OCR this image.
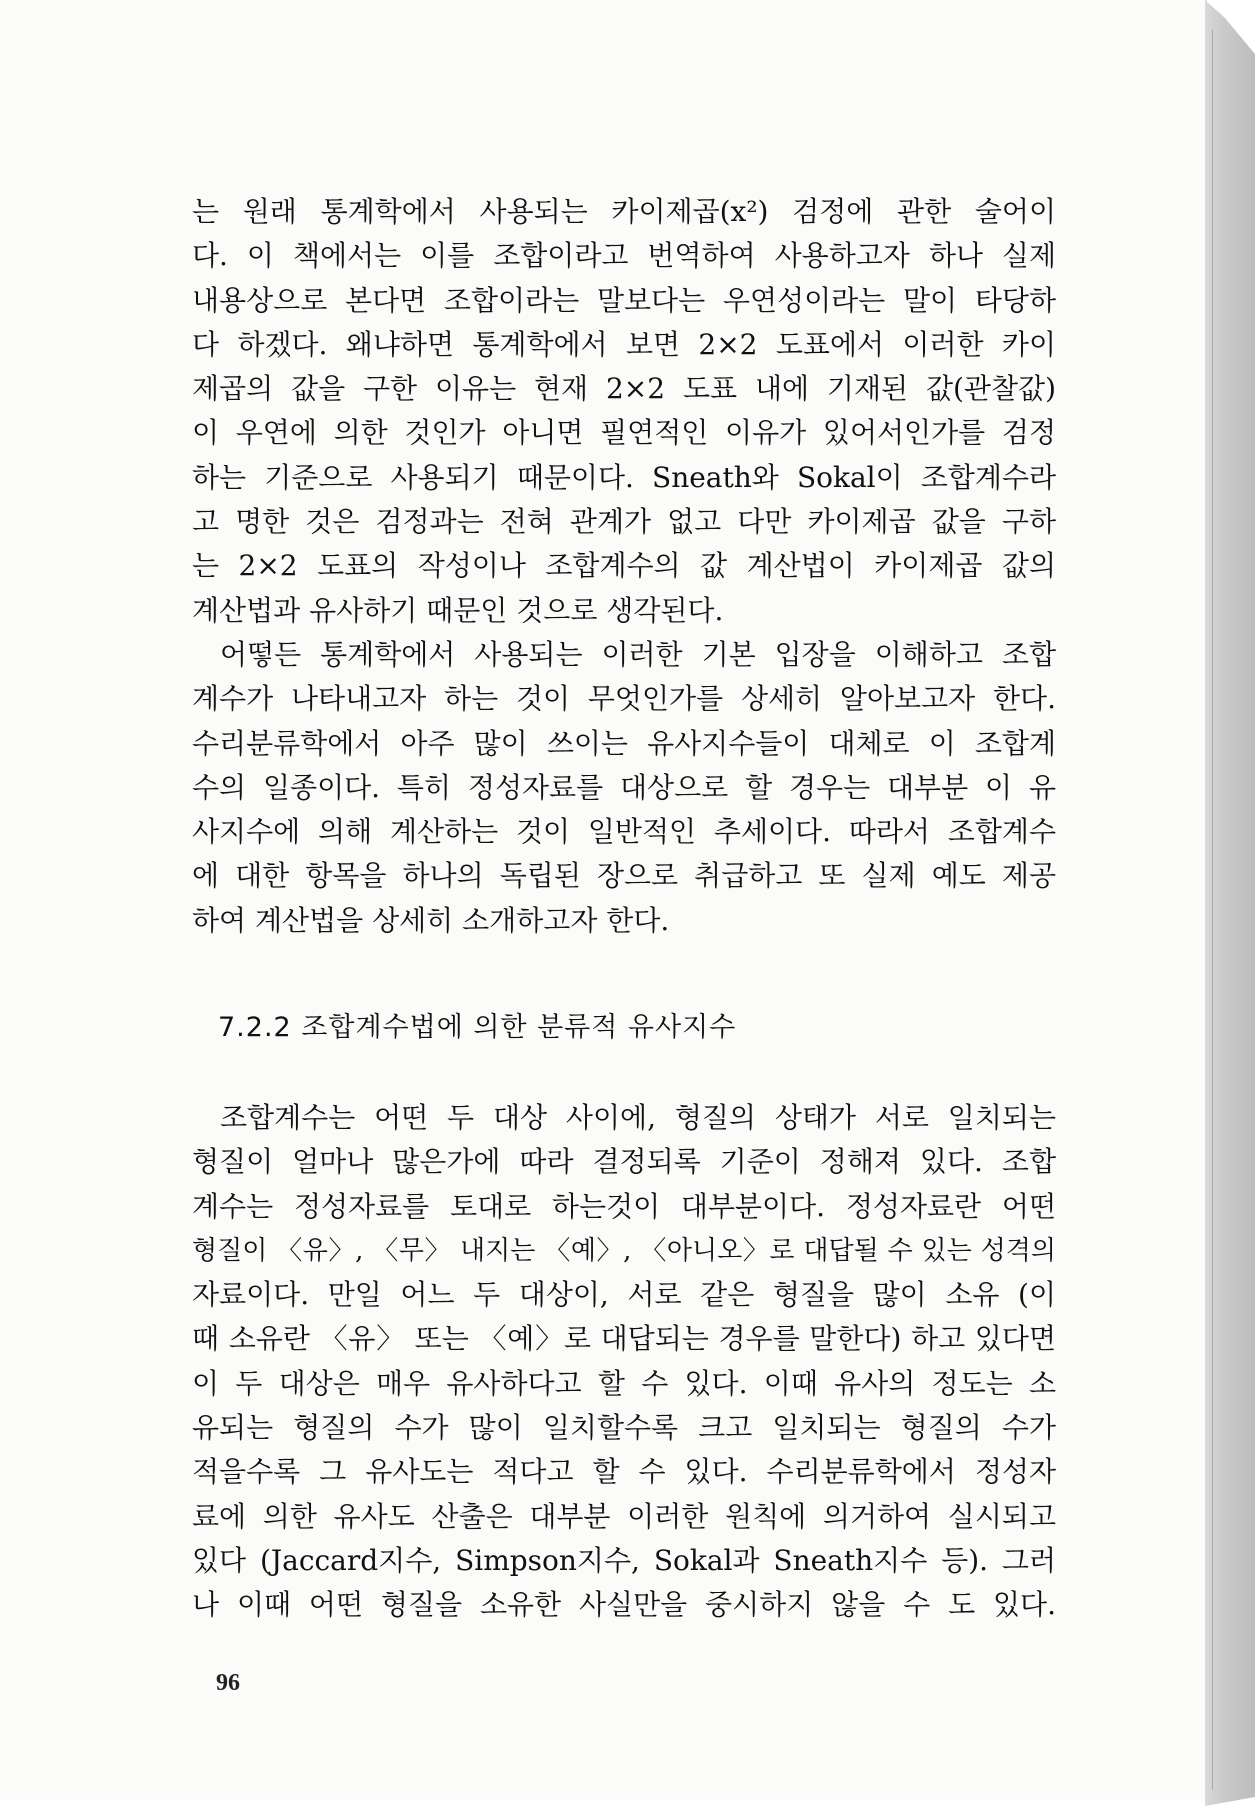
는 원래 통계학에서 사용되는 카이제곱(x²) 검정에 관한 술어이
다. 이 책에서는 이를 조합이라고 번역하여 사용하고자 하나 실제
내용상으로 본다면 조합이라는 말보다는 우연성이라는 말이 타당하
다 하겠다. 왜냐하면 통계학에서 보면 2×2 도표에서 이러한 카이
제곱의 값을 구한 이유는 현재 2×2 도표 내에 기재된 값(관찰값)
이 우연에 의한 것인가 아니면 필연적인 이유가 있어서인가를 검정
하는 기준으로 사용되기 때문이다. Sneath와 Sokal이 조합계수라
고 명한 것은 검정과는 전혀 관계가 없고 다만 카이제곱 값을 구하
는 2×2 도표의 작성이나 조합계수의 값 계산법이 카이제곱 값의
계산법과 유사하기 때문인 것으로 생각된다.
어떻든 통계학에서 사용되는 이러한 기본 입장을 이해하고 조합
계수가 나타내고자 하는 것이 무엇인가를 상세히 알아보고자 한다.
수리분류학에서 아주 많이 쓰이는 유사지수들이 대체로 이 조합계
수의 일종이다. 특히 정성자료를 대상으로 할 경우는 대부분 이 유
사지수에 의해 계산하는 것이 일반적인 추세이다. 따라서 조합계수
에 대한 항목을 하나의 독립된 장으로 취급하고 또 실제 예도 제공
하여 계산법을 상세히 소개하고자 한다.
7.2.2 조합계수법에 의한 분류적 유사지수
조합계수는 어떤 두 대상 사이에, 형질의 상태가 서로 일치되는
형질이 얼마나 많은가에 따라 결정되록 기준이 정해져 있다. 조합
계수는 정성자료를 토대로 하는것이 대부분이다. 정성자료란 어떤
형질이 〈유〉, 〈무〉 내지는 〈예〉, 〈아니오〉로 대답될 수 있는 성격의
자료이다. 만일 어느 두 대상이, 서로 같은 형질을 많이 소유 (이
때 소유란 〈유〉 또는 〈예〉로 대답되는 경우를 말한다) 하고 있다면
이 두 대상은 매우 유사하다고 할 수 있다. 이때 유사의 정도는 소
유되는 형질의 수가 많이 일치할수록 크고 일치되는 형질의 수가
적을수록 그 유사도는 적다고 할 수 있다. 수리분류학에서 정성자
료에 의한 유사도 산출은 대부분 이러한 원칙에 의거하여 실시되고
있다 (Jaccard지수, Simpson지수, Sokal과 Sneath지수 등). 그러
나 이때 어떤 형질을 소유한 사실만을 중시하지 않을 수 도 있다.
96
